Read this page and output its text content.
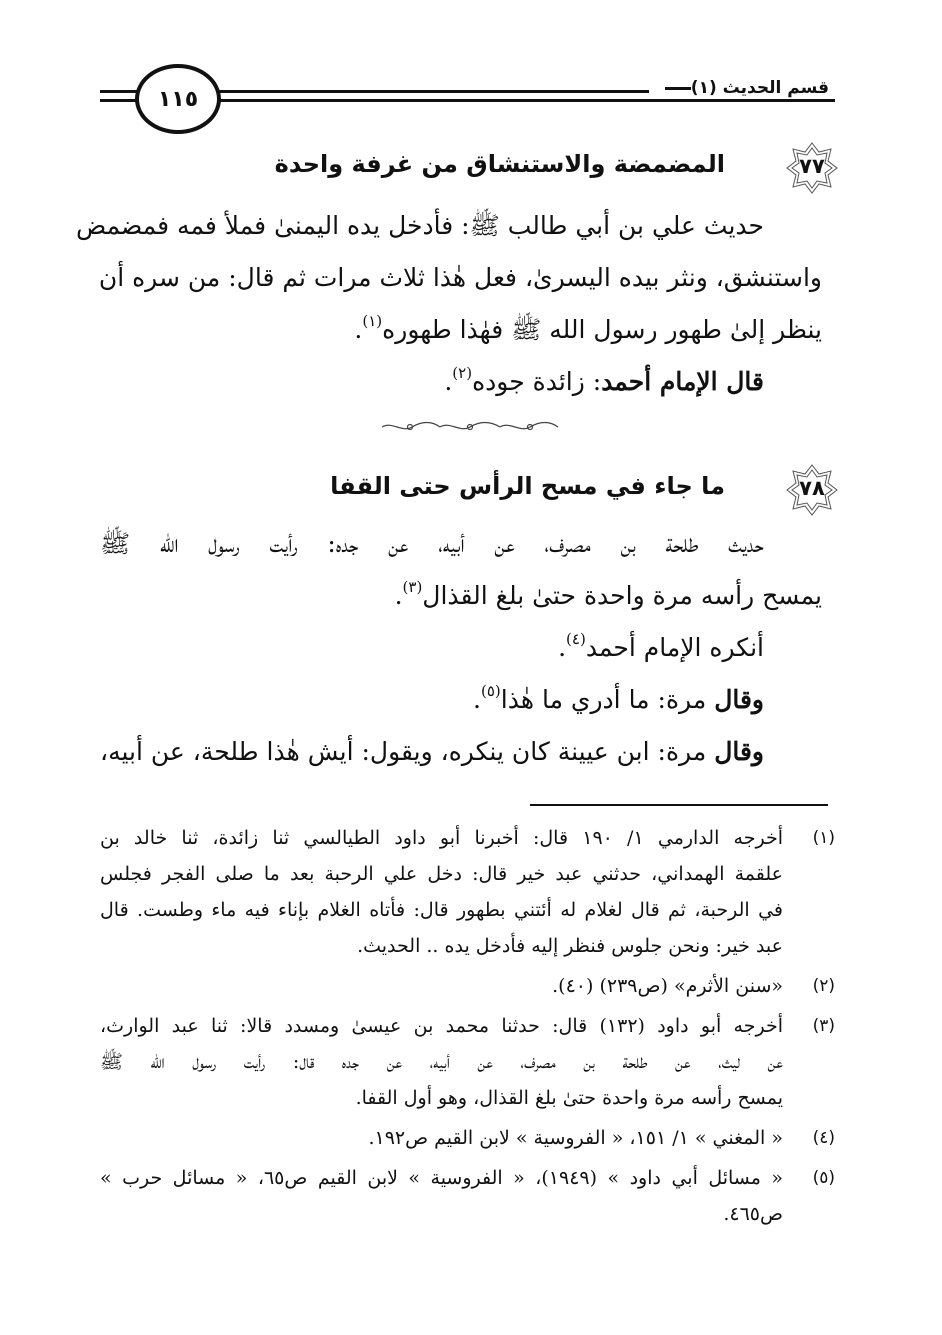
١١٥	قسم الحديث (١)
٧٧
المضمضة والاستنشاق من غرفة واحدة
حديث علي بن أبي طالب ﷺ: فأدخل يده اليمنىٰ فملأ فمه فمضمض
واستنشق، ونثر بيده اليسرىٰ، فعل هٰذا ثلاث مرات ثم قال: من سره أن
ينظر إلىٰ طهور رسول الله ﷺ فهٰذا طهوره$^{(١)}$.
قال الإمام أحمد: زائدة جوده$^{(٢)}$.
٧٨
ما جاء في مسح الرأس حتى القفا
حديث طلحة بن مصرف، عن أبيه، عن جده: رأيت رسول الله ﷺ
يمسح رأسه مرة واحدة حتىٰ بلغ القذال$^{(٣)}$.
أنكره الإمام أحمد$^{(٤)}$.
وقال مرة: ما أدري ما هٰذا$^{(٥)}$.
وقال مرة: ابن عيينة كان ينكره، ويقول: أيش هٰذا طلحة، عن أبيه،
(١)
أخرجه الدارمي ١/ ١٩٠ قال: أخبرنا أبو داود الطيالسي ثنا زائدة، ثنا خالد بن
علقمة الهمداني، حدثني عبد خير قال: دخل علي الرحبة بعد ما صلى الفجر فجلس
في الرحبة، ثم قال لغلام له أئتني بطهور قال: فأتاه الغلام بإناء فيه ماء وطست. قال
عبد خير: ونحن جلوس فنظر إليه فأدخل يده .. الحديث.
(٢)
«سنن الأثرم» (ص٢٣٩) (٤٠).
(٣)
أخرجه أبو داود (١٣٢) قال: حدثنا محمد بن عيسىٰ ومسدد قالا: ثنا عبد الوارث،
عن ليث، عن طلحة بن مصرف، عن أبيه، عن جده قال: رأيت رسول الله ﷺ
يمسح رأسه مرة واحدة حتىٰ بلغ القذال، وهو أول القفا.
(٤)
« المغني » ١/ ١٥١، « الفروسية » لابن القيم ص١٩٢.
(٥)
« مسائل أبي داود » (١٩٤٩)، « الفروسية » لابن القيم ص٦٥، « مسائل حرب »
ص٤٦٥.
